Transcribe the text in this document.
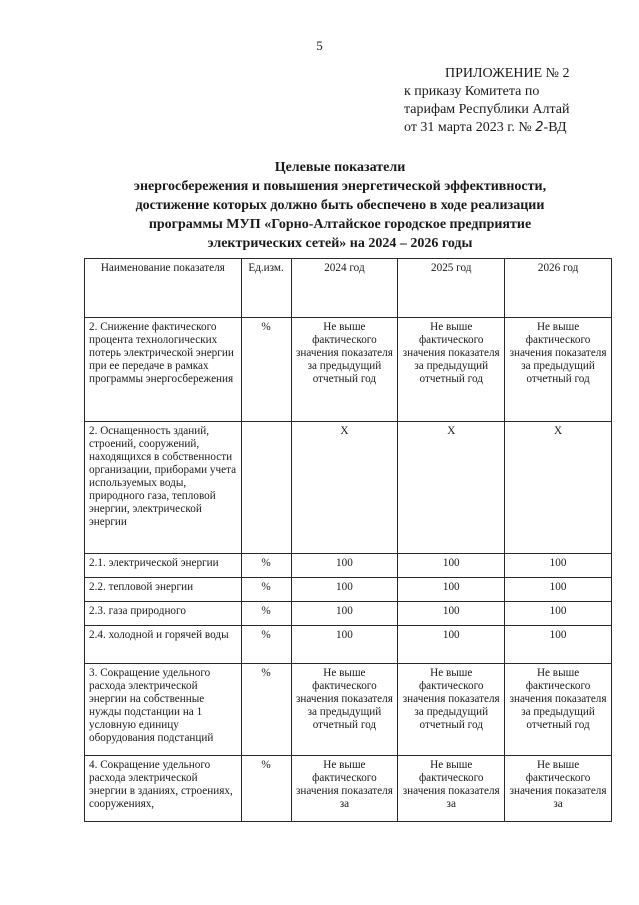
5
ПРИЛОЖЕНИЕ № 2
к приказу Комитета по
тарифам Республики Алтай
от 31 марта 2023 г. № 2-ВД
Целевые показатели
энергосбережения и повышения энергетической эффективности,
достижение которых должно быть обеспечено в ходе реализации
программы МУП «Горно-Алтайское городское предприятие
электрических сетей» на 2024 – 2026 годы
Наименование показателя	Ед.изм.	2024 год	2025 год	2026 год
2. Снижение фактического процента технологических потерь электрической энергии при ее передаче в рамках программы энергосбережения	%	Не выше фактического значения показателя за предыдущий отчетный год	Не выше фактического значения показателя за предыдущий отчетный год	Не выше фактического значения показателя за предыдущий отчетный год
2. Оснащенность зданий, строений, сооружений, находящихся в собственности организации, приборами учета используемых воды, природного газа, тепловой энергии, электрической энергии		X	X	X
2.1. электрической энергии	%	100	100	100
2.2. тепловой энергии	%	100	100	100
2.3. газа природного	%	100	100	100
2.4. холодной и горячей воды	%	100	100	100
3. Сокращение удельного расхода электрической энергии на собственные нужды подстанции на 1 условную единицу оборудования подстанций	%	Не выше фактического значения показателя за предыдущий отчетный год	Не выше фактического значения показателя за предыдущий отчетный год	Не выше фактического значения показателя за предыдущий отчетный год
4. Сокращение удельного расхода электрической энергии в зданиях, строениях, сооружениях,	%	Не выше фактического значения показателя за	Не выше фактического значения показателя за	Не выше фактического значения показателя за
